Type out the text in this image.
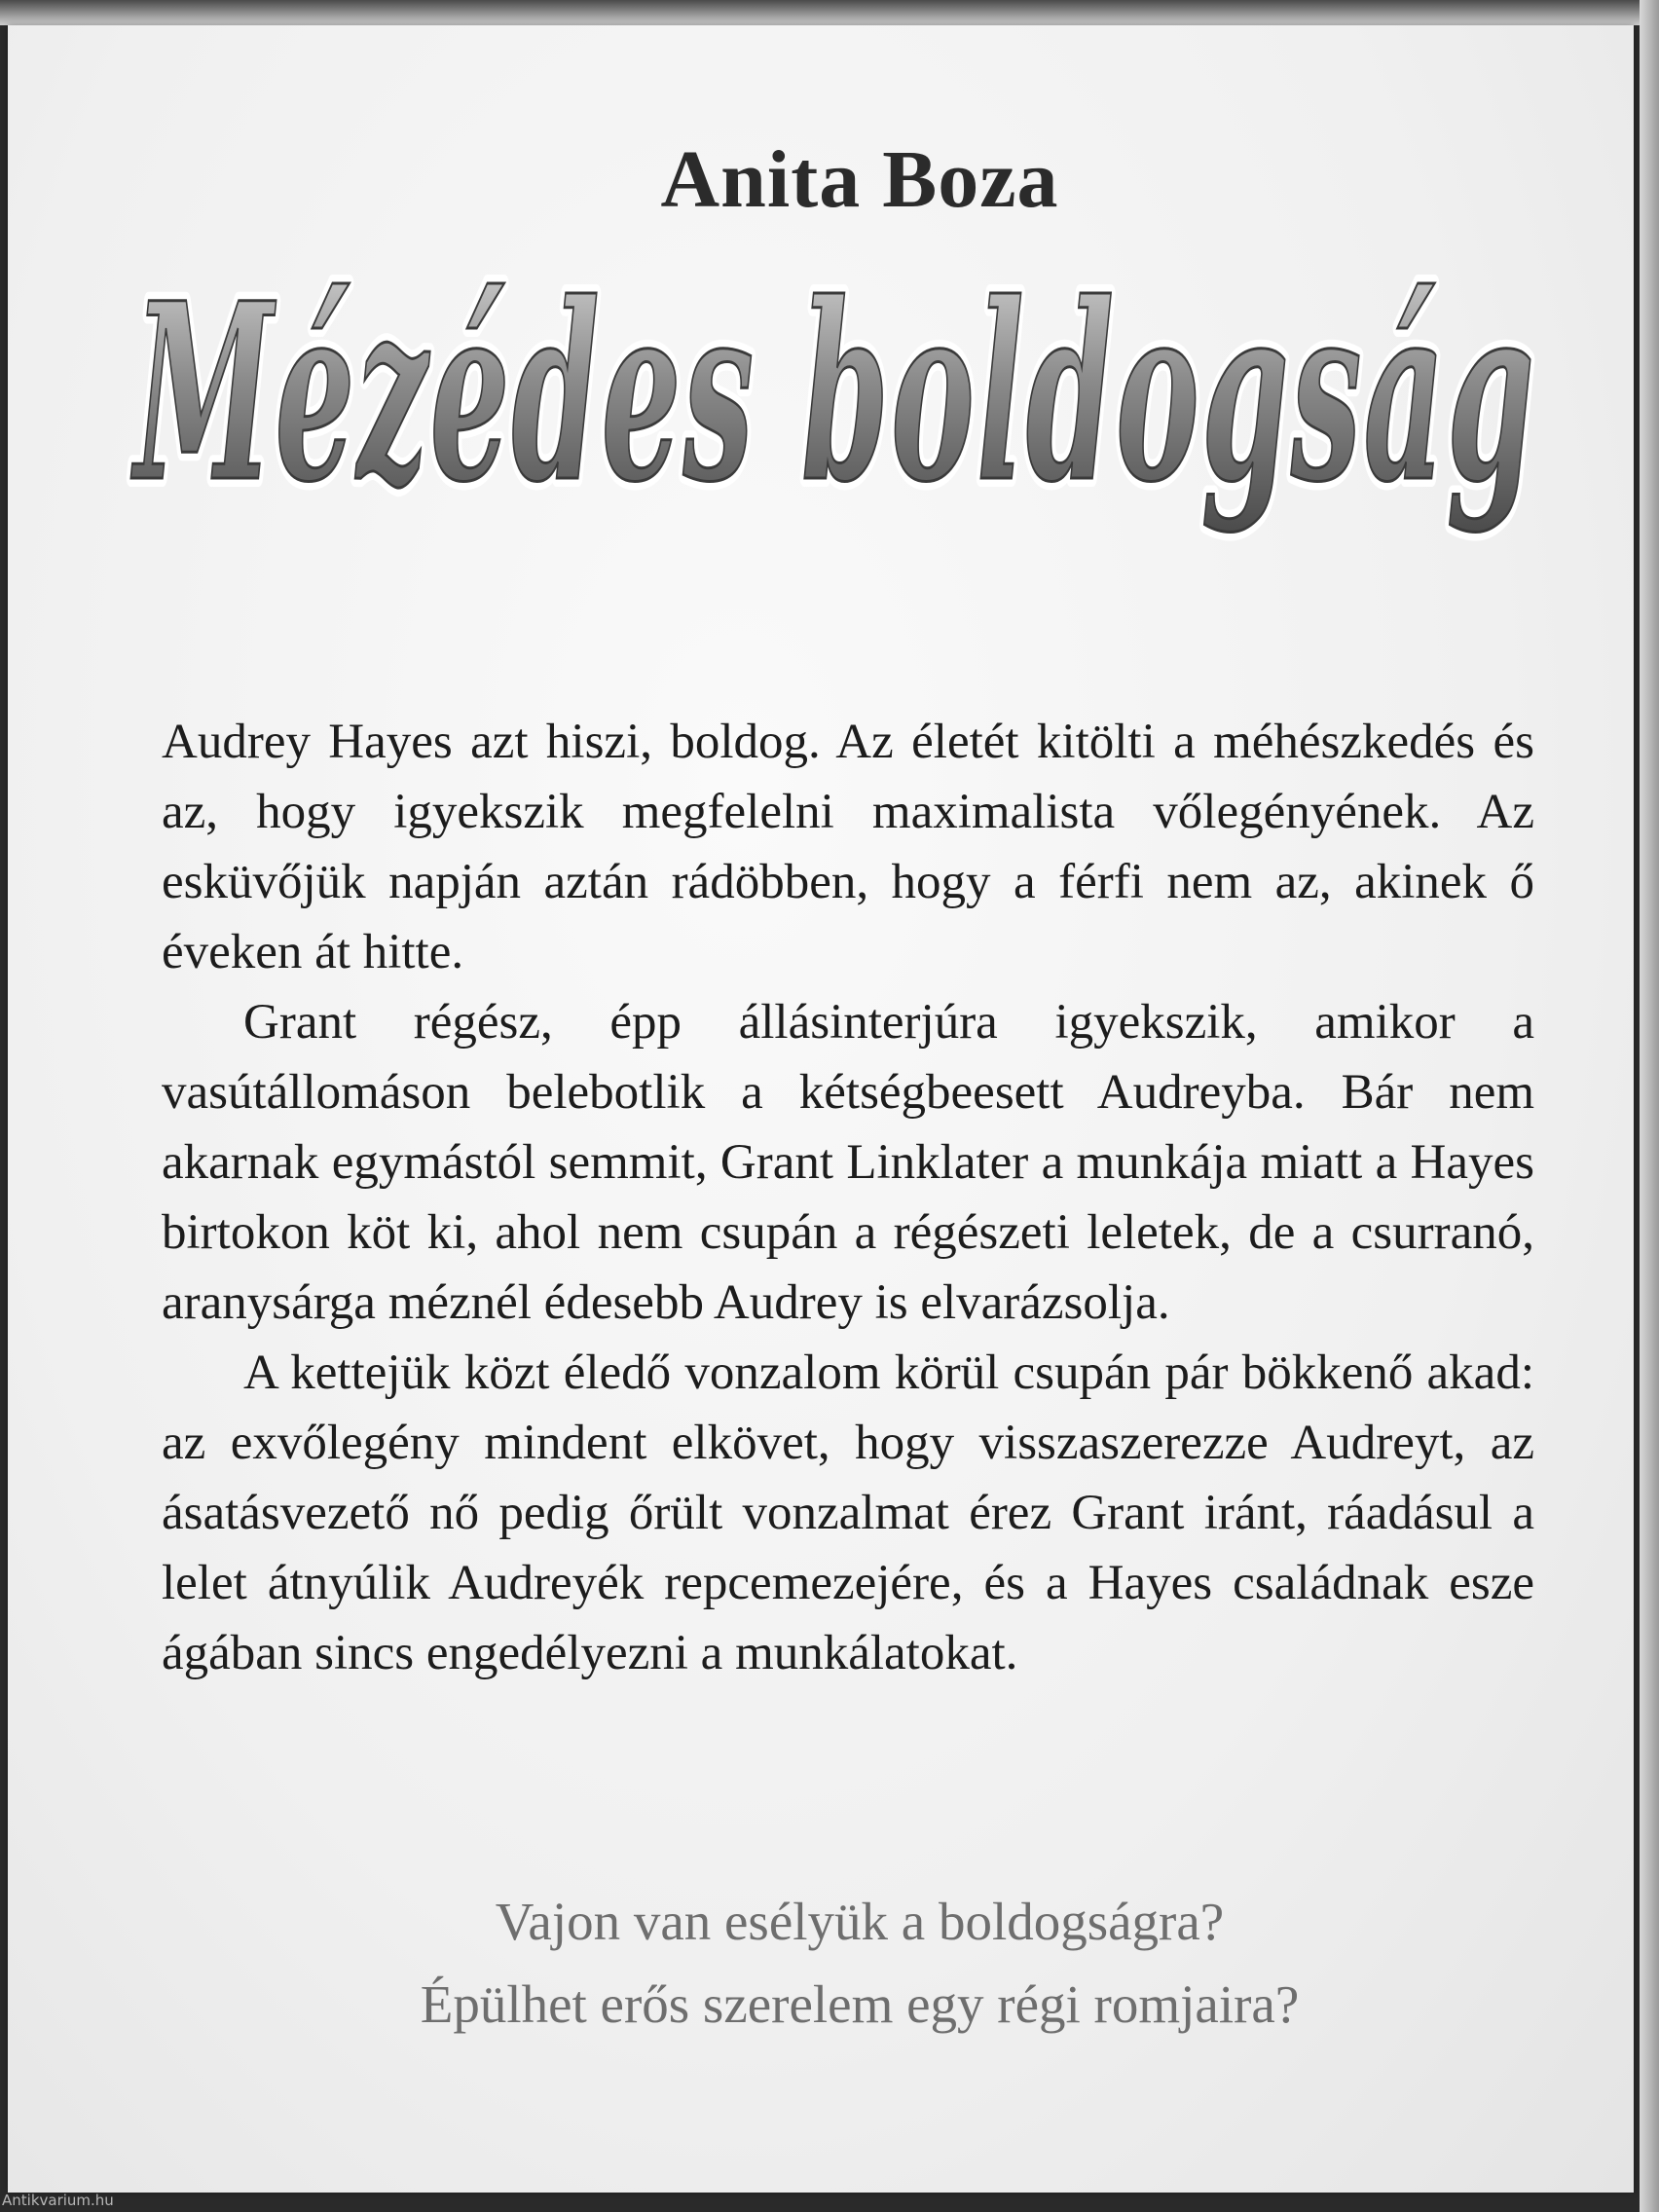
Anita Boza
Mézédes boldogság
Mézédes boldogság

Audrey Hayes azt hiszi, boldog. Az életét kitölti a méhészkedés és az, hogy igyekszik megfelelni maximalista vőlegényének. Az esküvőjük napján aztán rádöbben, hogy a férfi nem az, akinek ő éveken át hitte.

Grant régész, épp állásinterjúra igyekszik, amikor a vasútállomáson belebotlik a kétségbeesett Audreyba. Bár nem akarnak egymástól semmit, Grant Linklater a munkája miatt a Hayes birtokon köt ki, ahol nem csupán a régészeti leletek, de a csurranó, aranysárga méznél édesebb Audrey is elvarázsolja.

A kettejük közt éledő vonzalom körül csupán pár bökkenő akad: az exvőlegény mindent elkövet, hogy visszaszerezze Audreyt, az ásatásvezető nő pedig őrült vonzalmat érez Grant iránt, ráadásul a lelet átnyúlik Audreyék repcemezejére, és a Hayes családnak esze ágában sincs engedélyezni a munkálatokat.

Vajon van esélyük a boldogságra?
Épülhet erős szerelem egy régi romjaira?
Antikvarium.hu
